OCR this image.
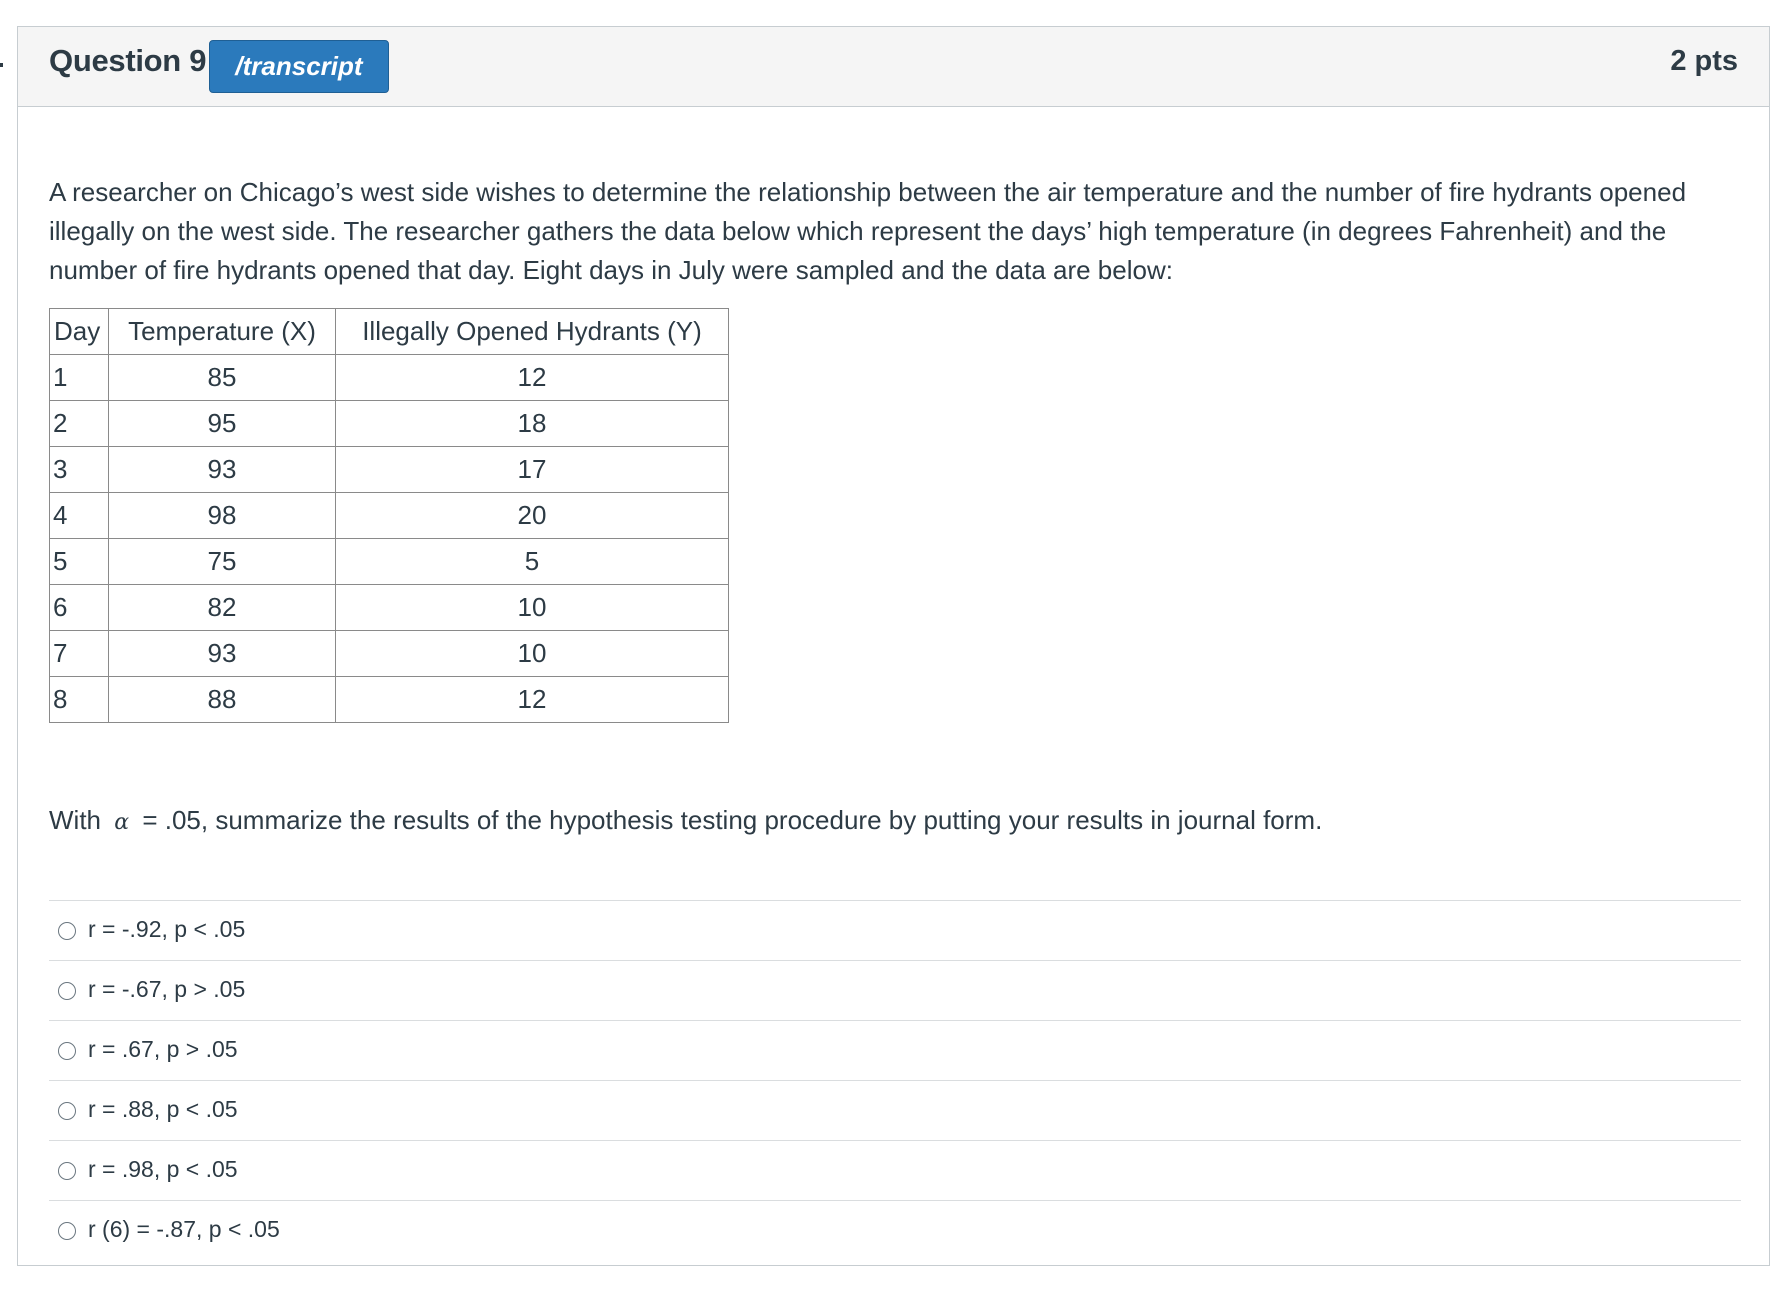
Question 9	/transcript	2 pts
A researcher on Chicago’s west side wishes to determine the relationship between the air temperature and the number of fire hydrants opened illegally on the west side. The researcher gathers the data below which represent the days’ high temperature (in degrees Fahrenheit) and the number of fire hydrants opened that day. Eight days in July were sampled and the data are below:
Day	Temperature (X)	Illegally Opened Hydrants (Y)
1	85	12
2	95	18
3	93	17
4	98	20
5	75	5
6	82	10
7	93	10
8	88	12
With α = .05, summarize the results of the hypothesis testing procedure by putting your results in journal form.
r = -.92, p < .05
r = -.67, p > .05
r = .67, p > .05
r = .88, p < .05
r = .98, p < .05
r (6) = -.87, p < .05
